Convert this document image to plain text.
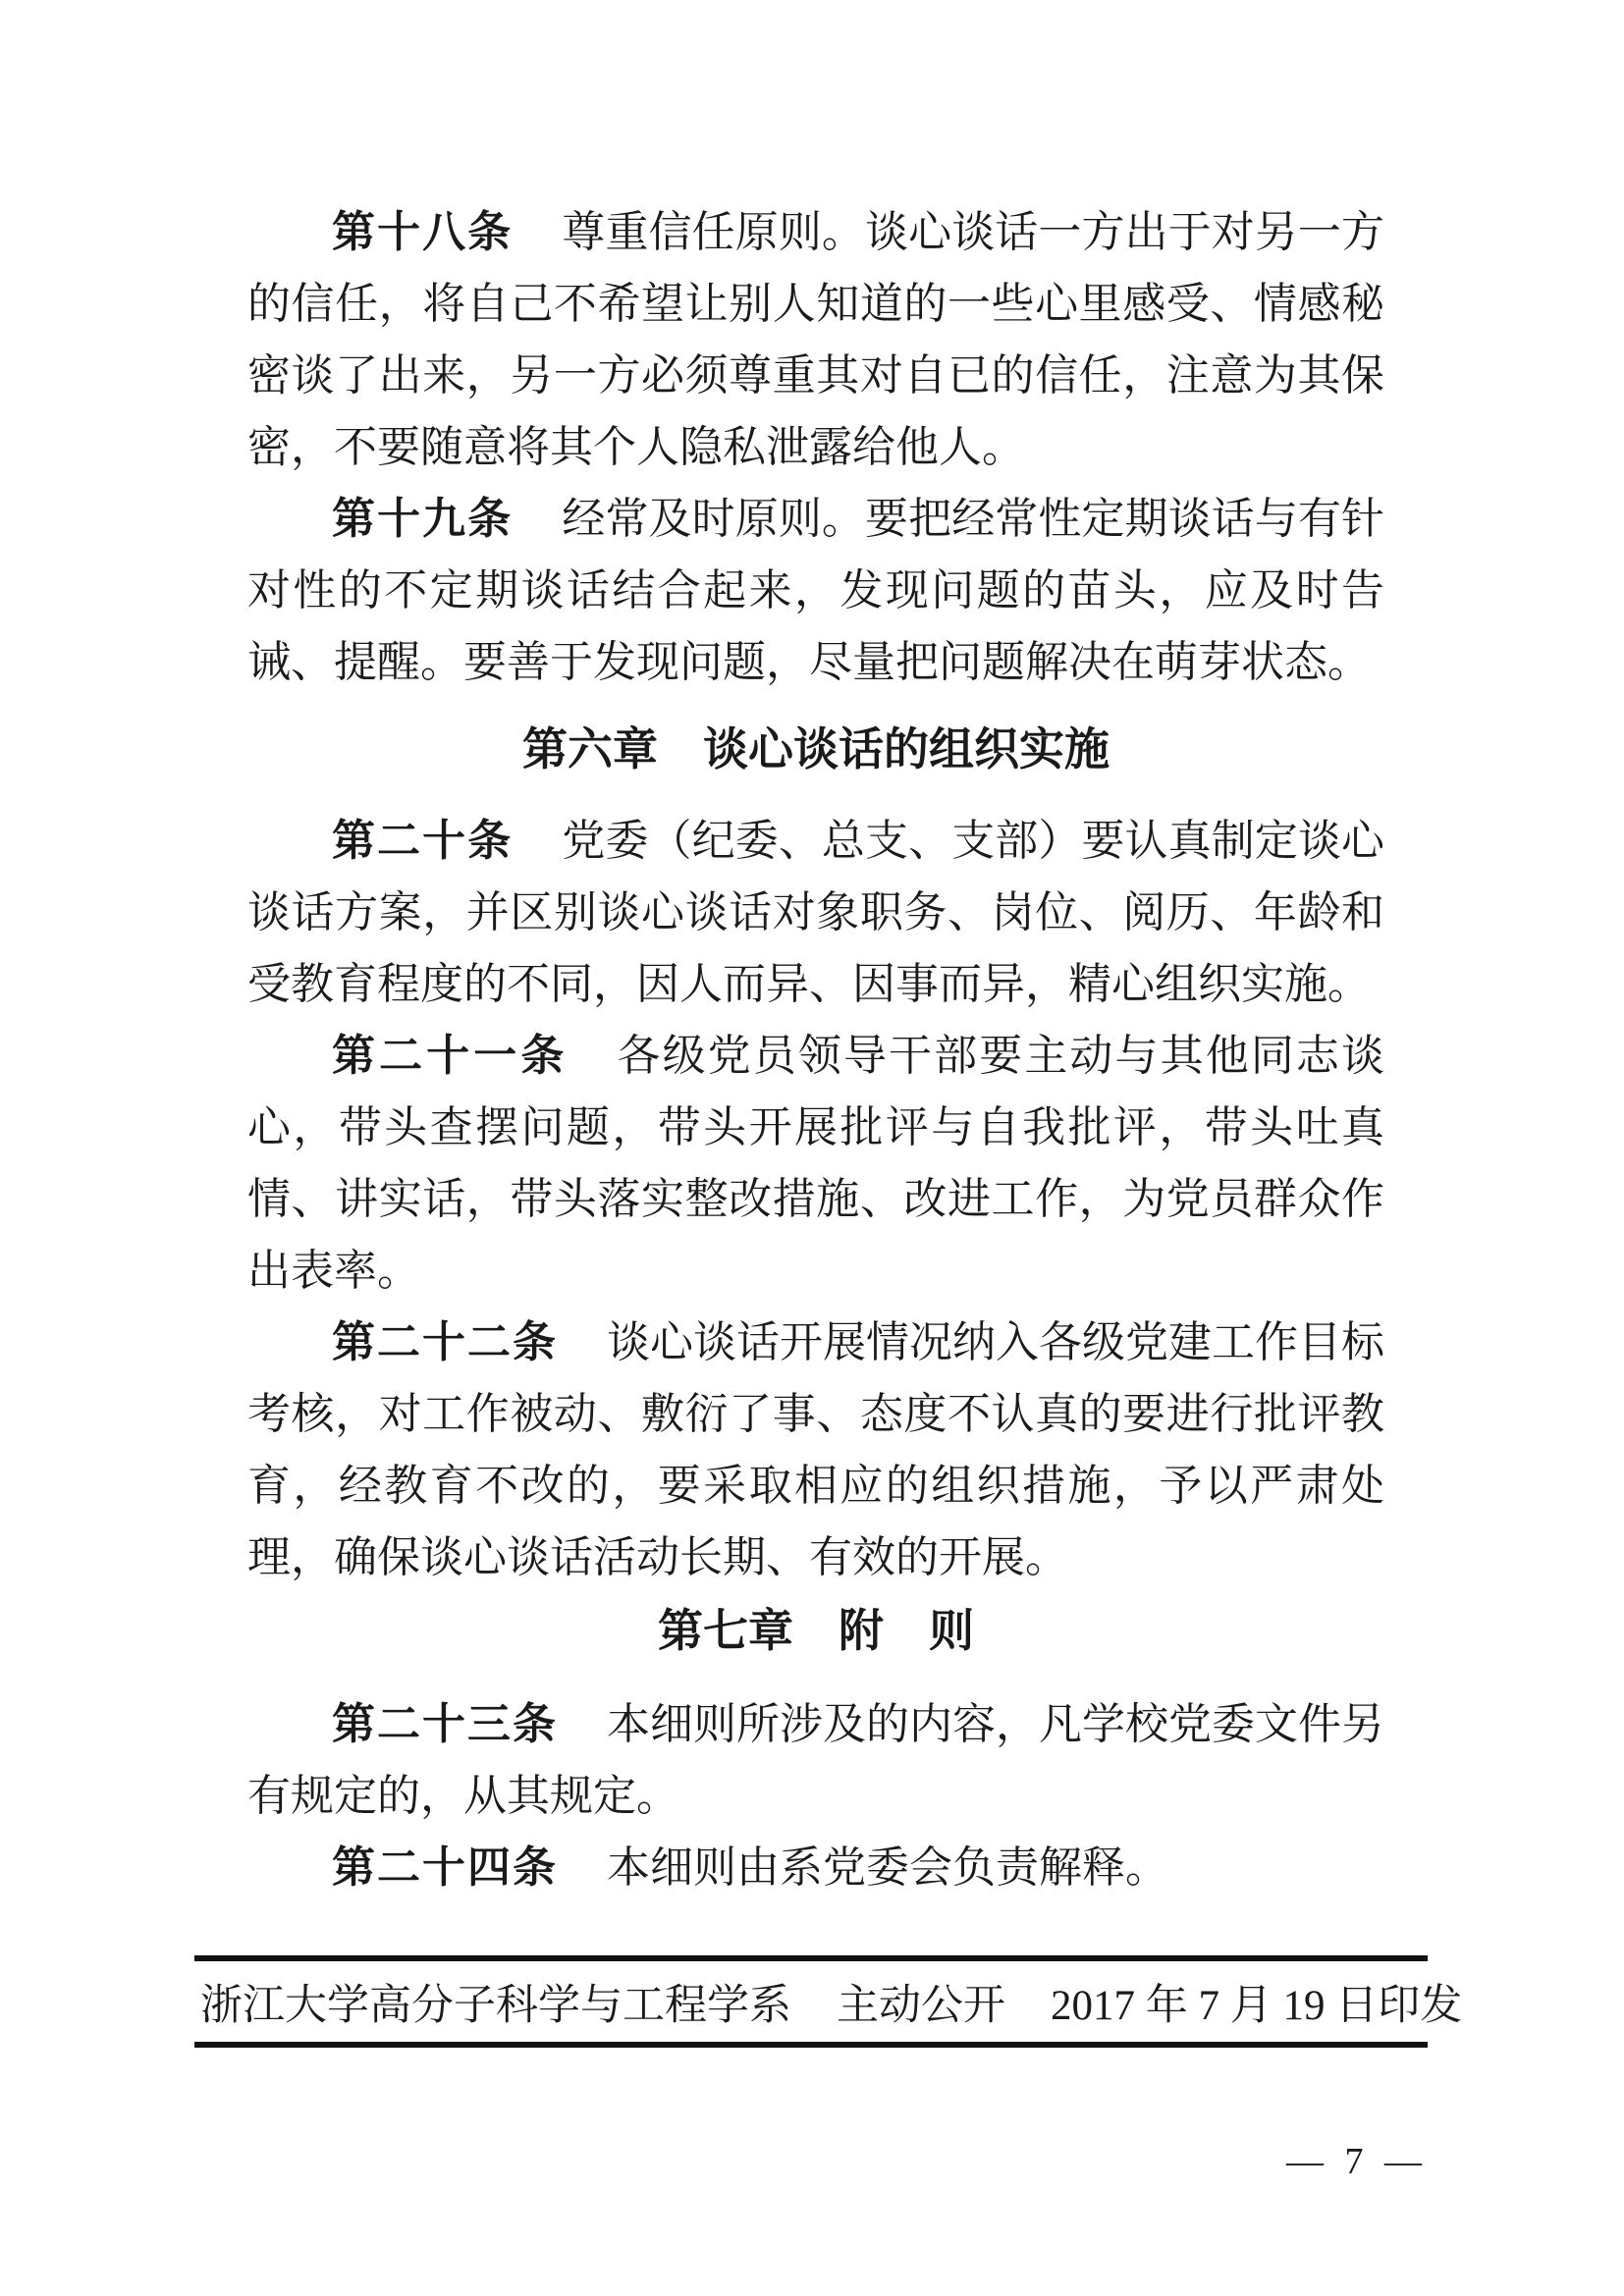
第十八条 尊重信任原则。谈心谈话一方出于对另一方的信任，将自己不希望让别人知道的一些心里感受、情感秘密谈了出来，另一方必须尊重其对自已的信任，注意为其保密，不要随意将其个人隐私泄露给他人。

第十九条 经常及时原则。要把经常性定期谈话与有针对性的不定期谈话结合起来，发现问题的苗头，应及时告诫、提醒。要善于发现问题，尽量把问题解决在萌芽状态。

第六章　谈心谈话的组织实施

第二十条 党委（纪委、总支、支部）要认真制定谈心谈话方案，并区别谈心谈话对象职务、岗位、阅历、年龄和受教育程度的不同，因人而异、因事而异，精心组织实施。

第二十一条 各级党员领导干部要主动与其他同志谈心，带头查摆问题，带头开展批评与自我批评，带头吐真情、讲实话，带头落实整改措施、改进工作，为党员群众作出表率。

第二十二条 谈心谈话开展情况纳入各级党建工作目标考核，对工作被动、敷衍了事、态度不认真的要进行批评教育，经教育不改的，要采取相应的组织措施，予以严肃处理，确保谈心谈话活动长期、有效的开展。

第七章　附　则

第二十三条 本细则所涉及的内容，凡学校党委文件另有规定的，从其规定。

第二十四条 本细则由系党委会负责解释。

浙江大学高分子科学与工程学系 主动公开 2017 年 7 月 19 日印发
— 7 —
